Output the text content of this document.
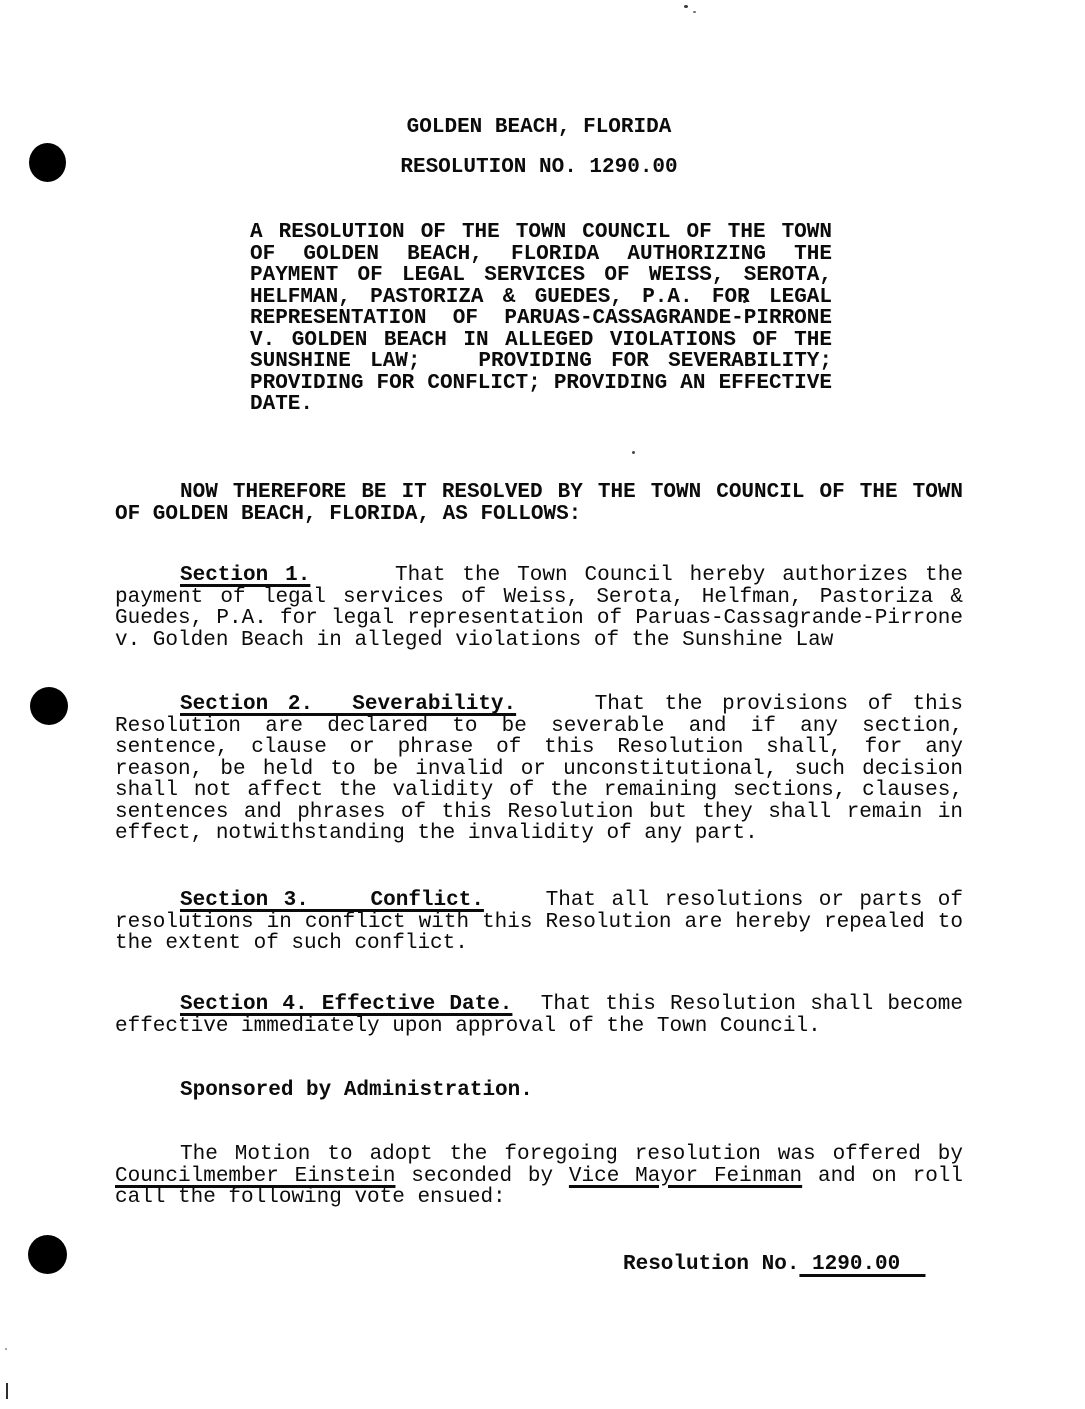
GOLDEN BEACH, FLORIDA
RESOLUTION NO. 1290.00

A RESOLUTION OF THE TOWN COUNCIL OF THE TOWN OF GOLDEN BEACH, FLORIDA AUTHORIZING THE PAYMENT OF LEGAL SERVICES OF WEISS, SEROTA, HELFMAN, PASTORIZA & GUEDES, P.A. FOR LEGAL REPRESENTATION OF PARUAS-CASSAGRANDE-PIRRONE V. GOLDEN BEACH IN ALLEGED VIOLATIONS OF THE SUNSHINE LAW;   PROVIDING FOR SEVERABILITY; PROVIDING FOR CONFLICT; PROVIDING AN EFFECTIVE DATE.

NOW THEREFORE BE IT RESOLVED BY THE TOWN COUNCIL OF THE TOWN OF GOLDEN BEACH, FLORIDA, AS FOLLOWS:

Section 1.     That the Town Council hereby authorizes the payment of legal services of Weiss, Serota, Helfman, Pastoriza & Guedes, P.A. for legal representation of Paruas-Cassagrande-Pirrone v. Golden Beach in alleged violations of the Sunshine Law

Section 2.  Severability.    That the provisions of this Resolution are declared to be severable and if any section, sentence, clause or phrase of this Resolution shall, for any reason, be held to be invalid or unconstitutional, such decision shall not affect the validity of the remaining sections, clauses, sentences and phrases of this Resolution but they shall remain in effect, notwithstanding the invalidity of any part.

Section 3.    Conflict.    That all resolutions or parts of resolutions in conflict with this Resolution are hereby repealed to the extent of such conflict.

Section 4. Effective Date.  That this Resolution shall become effective immediately upon approval of the Town Council.

Sponsored by Administration.

The Motion to adopt the foregoing resolution was offered by Councilmember Einstein seconded by Vice Mayor Feinman and on roll call the following vote ensued:

Resolution No. 1290.00
